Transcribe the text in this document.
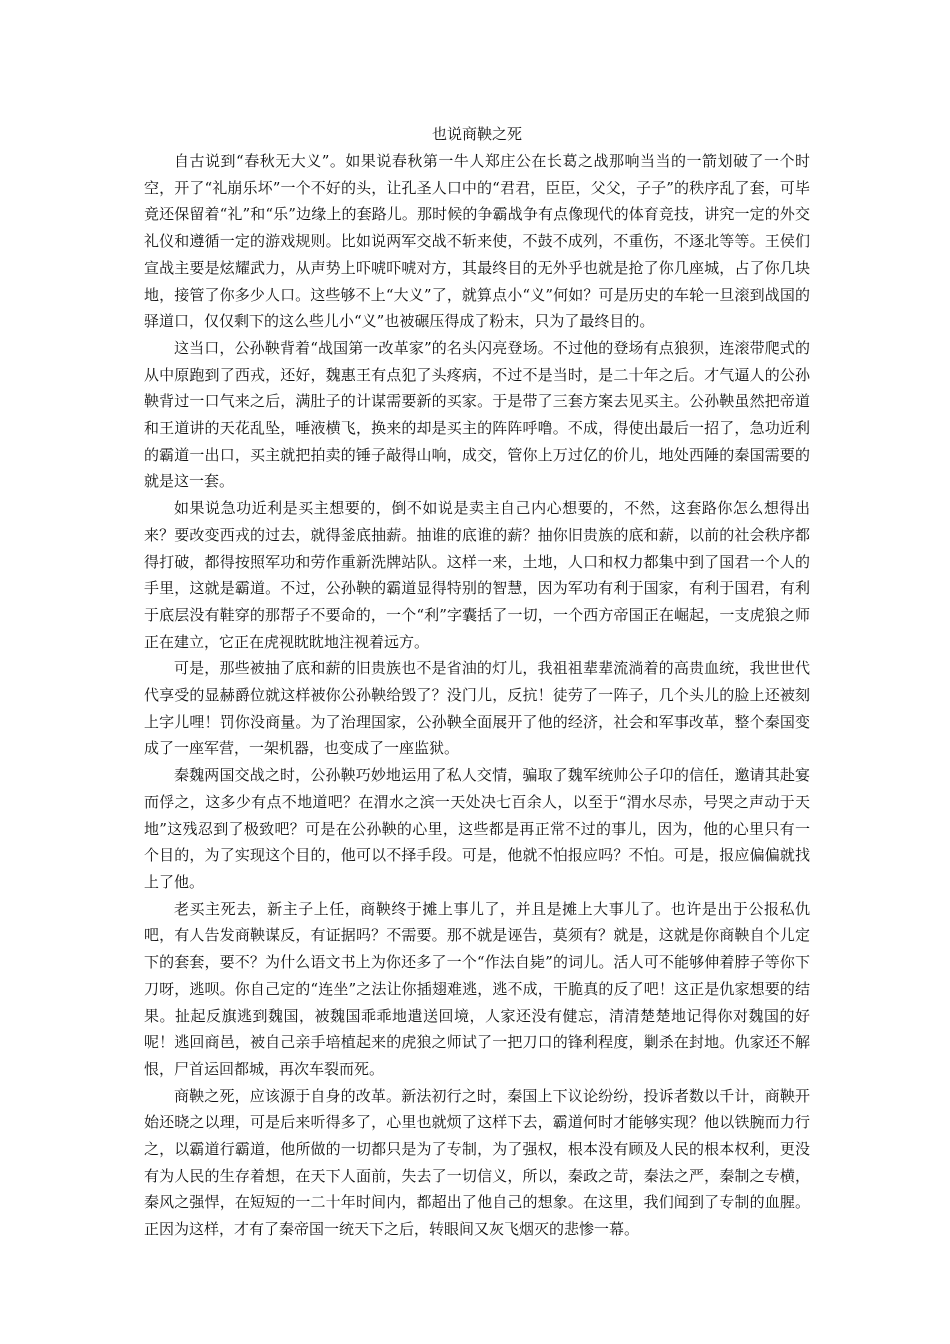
也说商鞅之死

自古说到“春秋无大义”。如果说春秋第一牛人郑庄公在长葛之战那响当当的一箭划破了一个时空，开了“礼崩乐坏”一个不好的头，让孔圣人口中的“君君，臣臣，父父，子子”的秩序乱了套，可毕竟还保留着“礼”和“乐”边缘上的套路儿。那时候的争霸战争有点像现代的体育竞技，讲究一定的外交礼仪和遵循一定的游戏规则。比如说两军交战不斩来使，不鼓不成列，不重伤，不逐北等等。王侯们宣战主要是炫耀武力，从声势上吓唬吓唬对方，其最终目的无外乎也就是抢了你几座城，占了你几块地，接管了你多少人口。这些够不上“大义”了，就算点小“义”何如？可是历史的车轮一旦滚到战国的驿道口，仅仅剩下的这么些儿小“义”也被碾压得成了粉末，只为了最终目的。

这当口，公孙鞅背着“战国第一改革家”的名头闪亮登场。不过他的登场有点狼狈，连滚带爬式的从中原跑到了西戎，还好，魏惠王有点犯了头疼病，不过不是当时，是二十年之后。才气逼人的公孙鞅背过一口气来之后，满肚子的计谋需要新的买家。于是带了三套方案去见买主。公孙鞅虽然把帝道和王道讲的天花乱坠，唾液横飞，换来的却是买主的阵阵呼噜。不成，得使出最后一招了，急功近利的霸道一出口，买主就把拍卖的锤子敲得山响，成交，管你上万过亿的价儿，地处西陲的秦国需要的就是这一套。

如果说急功近利是买主想要的，倒不如说是卖主自己内心想要的，不然，这套路你怎么想得出来？要改变西戎的过去，就得釜底抽薪。抽谁的底谁的薪？抽你旧贵族的底和薪，以前的社会秩序都得打破，都得按照军功和劳作重新洗牌站队。这样一来，土地，人口和权力都集中到了国君一个人的手里，这就是霸道。不过，公孙鞅的霸道显得特别的智慧，因为军功有利于国家，有利于国君，有利于底层没有鞋穿的那帮子不要命的，一个“利”字囊括了一切，一个西方帝国正在崛起，一支虎狼之师正在建立，它正在虎视眈眈地注视着远方。

可是，那些被抽了底和薪的旧贵族也不是省油的灯儿，我祖祖辈辈流淌着的高贵血统，我世世代代享受的显赫爵位就这样被你公孙鞅给毁了？没门儿，反抗！徒劳了一阵子，几个头儿的脸上还被刻上字儿哩！罚你没商量。为了治理国家，公孙鞅全面展开了他的经济，社会和军事改革，整个秦国变成了一座军营，一架机器，也变成了一座监狱。

秦魏两国交战之时，公孙鞅巧妙地运用了私人交情，骗取了魏军统帅公子卬的信任，邀请其赴宴而俘之，这多少有点不地道吧？在渭水之滨一天处决七百余人，以至于“渭水尽赤，号哭之声动于天地”这残忍到了极致吧？可是在公孙鞅的心里，这些都是再正常不过的事儿，因为，他的心里只有一个目的，为了实现这个目的，他可以不择手段。可是，他就不怕报应吗？不怕。可是，报应偏偏就找上了他。

老买主死去，新主子上任，商鞅终于摊上事儿了，并且是摊上大事儿了。也许是出于公报私仇吧，有人告发商鞅谋反，有证据吗？不需要。那不就是诬告，莫须有？就是，这就是你商鞅自个儿定下的套套，要不？为什么语文书上为你还多了一个“作法自毙”的词儿。活人可不能够伸着脖子等你下刀呀，逃呗。你自己定的“连坐”之法让你插翅难逃，逃不成，干脆真的反了吧！这正是仇家想要的结果。扯起反旗逃到魏国，被魏国乖乖地遣送回境，人家还没有健忘，清清楚楚地记得你对魏国的好呢！逃回商邑，被自己亲手培植起来的虎狼之师试了一把刀口的锋利程度，剿杀在封地。仇家还不解恨，尸首运回都城，再次车裂而死。

商鞅之死，应该源于自身的改革。新法初行之时，秦国上下议论纷纷，投诉者数以千计，商鞅开始还晓之以理，可是后来听得多了，心里也就烦了这样下去，霸道何时才能够实现？他以铁腕而力行之，以霸道行霸道，他所做的一切都只是为了专制，为了强权，根本没有顾及人民的根本权利，更没有为人民的生存着想，在天下人面前，失去了一切信义，所以，秦政之苛，秦法之严，秦制之专横，秦风之强悍，在短短的一二十年时间内，都超出了他自己的想象。在这里，我们闻到了专制的血腥。正因为这样，才有了秦帝国一统天下之后，转眼间又灰飞烟灭的悲惨一幕。
